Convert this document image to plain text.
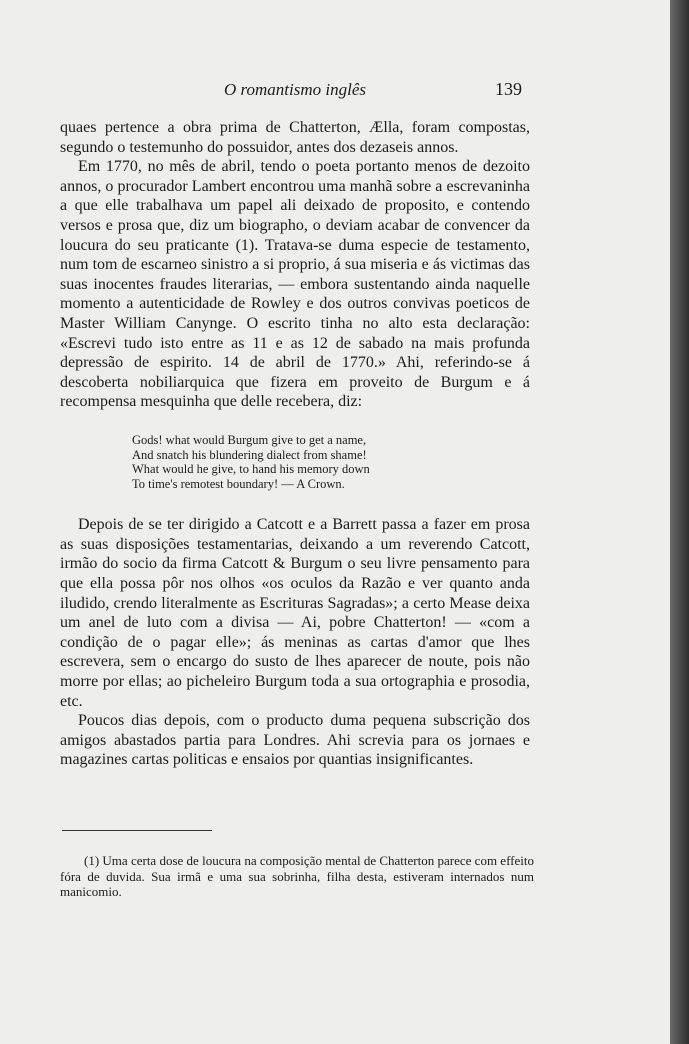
O romantismo inglês	139

quaes pertence a obra prima de Chatterton, Ælla, foram compostas, segundo o testemunho do possuidor, antes dos dezaseis annos.

Em 1770, no mês de abril, tendo o poeta portanto menos de dezoito annos, o procurador Lambert encontrou uma manhã sobre a escrevaninha a que elle trabalhava um papel ali deixado de proposito, e contendo versos e prosa que, diz um biographo, o deviam acabar de convencer da loucura do seu praticante (1). Tratava-se duma especie de testamento, num tom de escarneo sinistro a si proprio, á sua miseria e ás victimas das suas inocentes fraudes literarias, — embora sustentando ainda naquelle momento a autenticidade de Rowley e dos outros convivas poeticos de Master William Canynge. O escrito tinha no alto esta declaração: «Escrevi tudo isto entre as 11 e as 12 de sabado na mais profunda depressão de espirito. 14 de abril de 1770.» Ahi, referindo-se á descoberta nobiliarquica que fizera em proveito de Burgum e á recompensa mesquinha que delle recebera, diz:

Gods! what would Burgum give to get a name,
And snatch his blundering dialect from shame!
What would he give, to hand his memory down
To time's remotest boundary! — A Crown.

Depois de se ter dirigido a Catcott e a Barrett passa a fazer em prosa as suas disposições testamentarias, deixando a um reverendo Catcott, irmão do socio da firma Catcott & Burgum o seu livre pensamento para que ella possa pôr nos olhos «os oculos da Razão e ver quanto anda iludido, crendo literalmente as Escrituras Sagradas»; a certo Mease deixa um anel de luto com a divisa — Ai, pobre Chatterton! — «com a condição de o pagar elle»; ás meninas as cartas d'amor que lhes escrevera, sem o encargo do susto de lhes aparecer de noute, pois não morre por ellas; ao picheleiro Burgum toda a sua ortographia e prosodia, etc.

Poucos dias depois, com o producto duma pequena subscrição dos amigos abastados partia para Londres. Ahi screvia para os jornaes e magazines cartas politicas e ensaios por quantias insignificantes.

(1) Uma certa dose de loucura na composição mental de Chatterton parece com effeito fóra de duvida. Sua irmã e uma sua sobrinha, filha desta, estiveram internados num manicomio.
